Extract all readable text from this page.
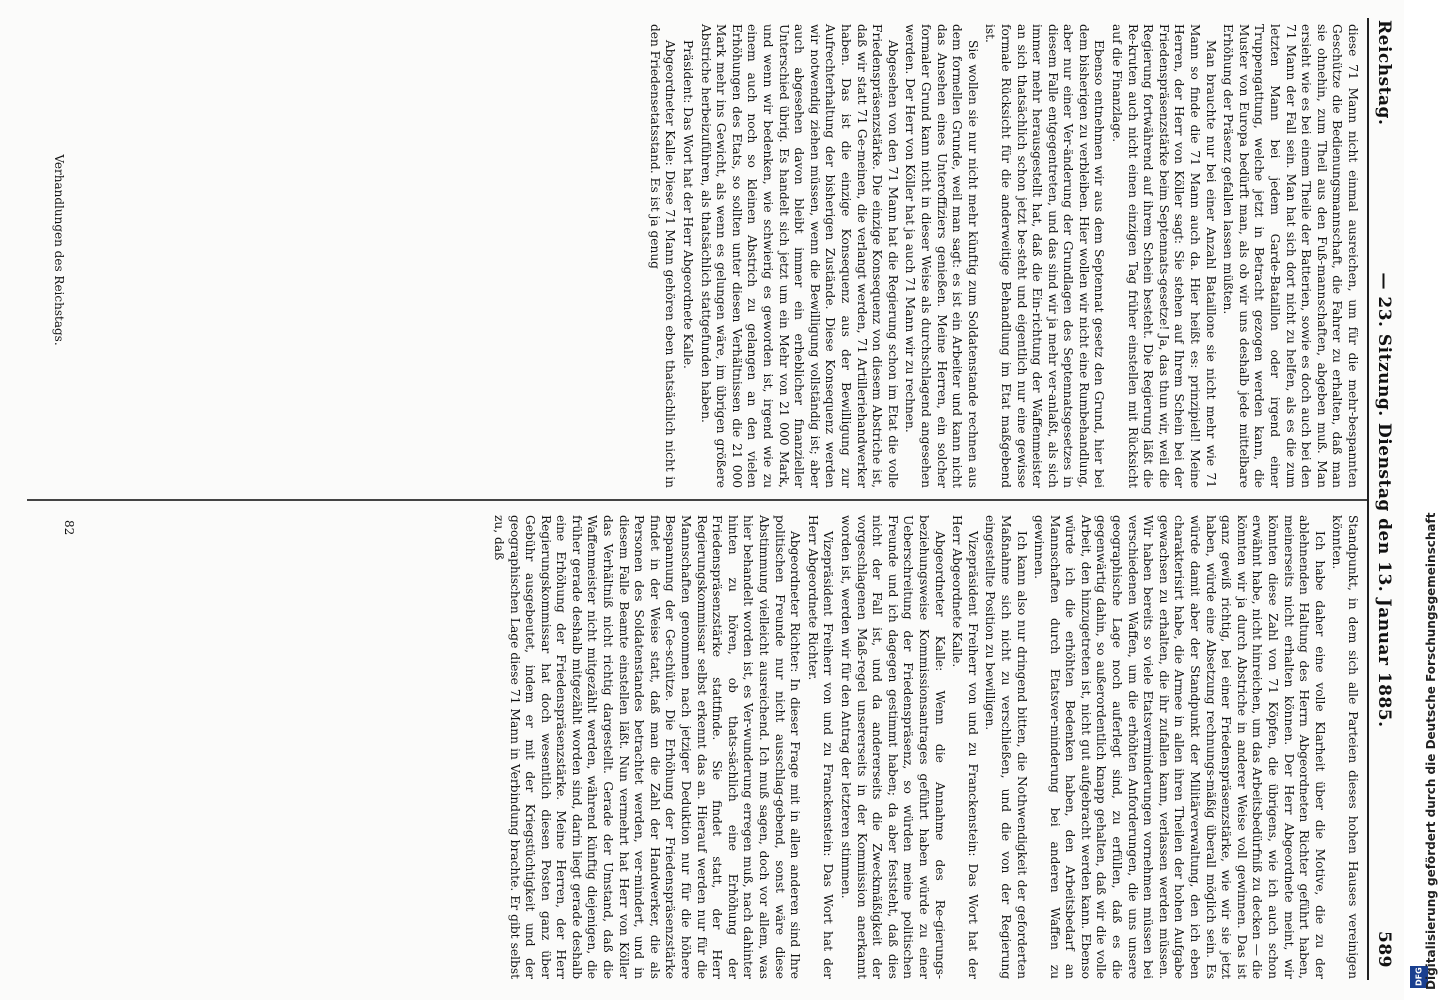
Reichstag.
— 23. Sitzung. Dienstag den 13. Januar 1885.
589

Standpunkt, in dem sich alle Parteien dieses hohen Hauses vereinigen könnten.

Ich habe daher eine volle Klarheit über die Motive, die zu der ablehnenden Haltung des Herrn Abgeordneten Richter geführt haben, meinerseits nicht erhalten können. Der Herr Abgeordnete meint, wir könnten diese Zahl von 71 Köpfen, die übrigens, wie ich auch schon erwähnt habe, nicht hinreichen, um das Arbeitsbedürfniß zu decken — die könnten wir ja durch Abstriche in anderer Weise voll gewinnen. Das ist ganz gewiß richtig, bei einer Friedenspräsenzstärke, wie wir sie jetzt haben, würde eine Absetzung rechnungs-mäßig überall möglich sein. Es würde damit aber der Standpunkt der Militärverwaltung, den ich eben charakterisirt habe, die Armee in allen ihren Theilen der hohen Aufgabe gewachsen zu erhalten, die ihr zufallen kann, verlassen werden müssen. Wir haben bereits so viele Etatsverminderungen vornehmen müssen bei verschiedenen Waffen, um die erhöhten Anforderungen, die uns unsere geographische Lage noch auferlegt sind, zu erfüllen, daß es die gegenwärtig dahin, so außerordentlich knapp gehalten, daß wir die volle Arbeit, den hinzugetreten ist, nicht gut aufgebracht werden kann. Ebenso würde ich die erhöhten Bedenken haben, den Arbeitsbedarf an Mannschaften durch Etatsver-minderung bei anderen Waffen zu gewinnen.

Ich kann also nur dringend bitten, die Nothwendigkeit der geforderten Maßnahme sich nicht zu verschließen, und die von der Regierung eingestellte Position zu bewilligen.

Vizepräsident Freiherr von und zu Franckenstein: Das Wort hat der Herr Abgeordnete Kalle.

Abgeordneter Kalle: Wenn die Annahme des Re-gierungs-beziehungsweise Kommissionsantrages geführt haben würde zu einer Ueberschreitung der Friedenspräsenz, so würden meine politischen Freunde und ich dagegen gestimmt haben; da aber feststeht, daß dies nicht der Fall ist, und da andererseits die Zweckmäßigkeit der vorgeschlagenen Maß-regel unsererseits in der Kommission anerkannt worden ist, werden wir für den Antrag der letzteren stimmen.

Vizepräsident Freiherr von und zu Franckenstein: Das Wort hat der Herr Abgeordnete Richter.

Abgeordneter Richter: In dieser Frage mit in allen anderen sind Ihre politischen Freunde nur nicht ausschlag-gebend, sonst wäre diese Abstimmung vielleicht ausreichend. Ich muß sagen, doch vor allem, was hier behandelt worden ist, es Ver-wunderung erregen muß, nach dahinter hinten zu hören, ob thats-sächlich eine Erhöhung der Friedenspräsenzstärke stattfinde. Sie findet statt, der Herr Regierungskommissar selbst erkennt das an. Hierauf werden nur für die Mannschaften genommen nach jetziger Deduktion nur für die höhere Bespannung der Ge-schütze. Die Erhöhung der Friedenspräsenzstärke findet in der Weise statt, daß man die Zahl der Handwerker, die als Personen des Soldatenstandes betrachtet werden, ver-mindert, und in diesem Falle Beamte einstellen läßt. Nun vermehrt hat Herr von Köller das Verhältniß nicht richtig dargestellt. Gerade der Umstand, daß die Waffenmeister nicht mitgezählt werden, während künftig diejenigen, die früher gerade deshalb mitgezählt worden sind, darin liegt gerade deshalb eine Erhöhung der Friedenspräsenzstärke. Meine Herren, der Herr Regierungskommissar hat doch wesentlich diesen Posten ganz über Gebühr ausgebeutet, indem er mit der Kriegstüchtigkeit und der geographischen Lage diese 71 Mann in Verbindung brachte. Er gibt selbst zu, daß

diese 71 Mann nicht einmal ausreichen, um für die mehr-bespannten Geschütze die Bedienungsmannschaft, die Fahrer zu erhalten, daß man sie ohnehin, zum Theil aus den Fuß-mannschaften, abgeben muß. Man ersieht wie es bei einem Theile der Batterien, sowie es doch auch bei den 71 Mann der Fall sein. Man hat sich dort nicht zu helfen, als es die zum letzten Mann bei jedem Garde-Bataillon oder irgend einer Truppengattung, welche jetzt in Betracht gezogen werden kann, die Muster von Europa bedürft man, als ob wir uns deshalb jede mittelbare Erhöhung der Präsenz gefallen lassen müßten.

Man brauchte nur bei einer Anzahl Bataillone sie nicht mehr wie 71 Mann so finde die 71 Mann auch da. Hier heißt es: prinzipiell! Meine Herren, der Herr von Köller sagt: Sie stehen auf Ihrem Schein bei der Friedenspräsenzstärke beim Septennats-gesetze! Ja, das thun wir, weil die Regierung fortwährend auf ihrem Schein besteht. Die Regierung läßt die Re-kruten auch nicht einen einzigen Tag früher einstellen mit Rücksicht auf die Finanzlage.

Ebenso entnehmen wir aus dem Septennat gesetz den Grund, hier bei dem bisherigen zu verbleiben. Hier wollen wir nicht eine Rumbehandlung, aber nur einer Ver-änderung der Grundlagen des Septennatsgesetzes in diesem Falle entgegentreten, und das sind wir ja mehr ver-anlaßt, als sich immer mehr herausgestellt hat, daß die Ein-richtung der Waffenmeister an sich thatsächlich schon jetzt be-steht und eigentlich nur eine gewisse formale Rücksicht für die anderweitige Behandlung im Etat maßgebend ist.

Sie wollen sie nur nicht mehr künftig zum Soldatenstande rechnen aus dem formellen Grunde, weil man sagt: es ist ein Arbeiter und kann nicht das Ansehen eines Unteroffiziers genießen. Meine Herren, ein solcher formaler Grund kann nicht in dieser Weise als durchschlagend angesehen werden. Der Herr von Köller hat ja auch 71 Mann wir zu rechnen.

Abgesehen von den 71 Mann hat die Regierung schon im Etat die volle Friedenspräsenzstärke. Die einzige Konsequenz von diesem Abstriche ist, daß wir statt 71 Ge-meinen, die verlangt werden, 71 Artilleriehandwerker haben. Das ist die einzige Konsequenz aus der Bewilligung zur Aufrechterhaltung der bisherigen Zustände. Diese Konsequenz werden wir notwendig ziehen müssen, wenn die Bewilligung vollständig ist; aber auch abgesehen davon bleibt immer ein erheblicher finanzieller Unterschied übrig. Es handelt sich jetzt um ein Mehr von 21 000 Mark, und wenn wir bedenken, wie schwierig es geworden ist, irgend wie zu einem auch noch so kleinen Abstrich zu gelangen an den vielen Erhöhungen des Etats, so sollten unter diesen Verhältnissen die 21 000 Mark mehr ins Gewicht, als wenn es gelungen wäre, im übrigen größere Abstriche herbeizuführen, als thatsächlich stattgefunden haben.

Präsident: Das Wort hat der Herr Abgeordnete Kalle.

Abgeordneter Kalle: Diese 71 Mann gehören eben thatsächlich nicht in den Friedensetatsstand. Es ist ja genug

82
Verhandlungen des Reichstags.
DFG Digitalisierung gefördert durch die Deutsche Forschungsgemeinschaft
